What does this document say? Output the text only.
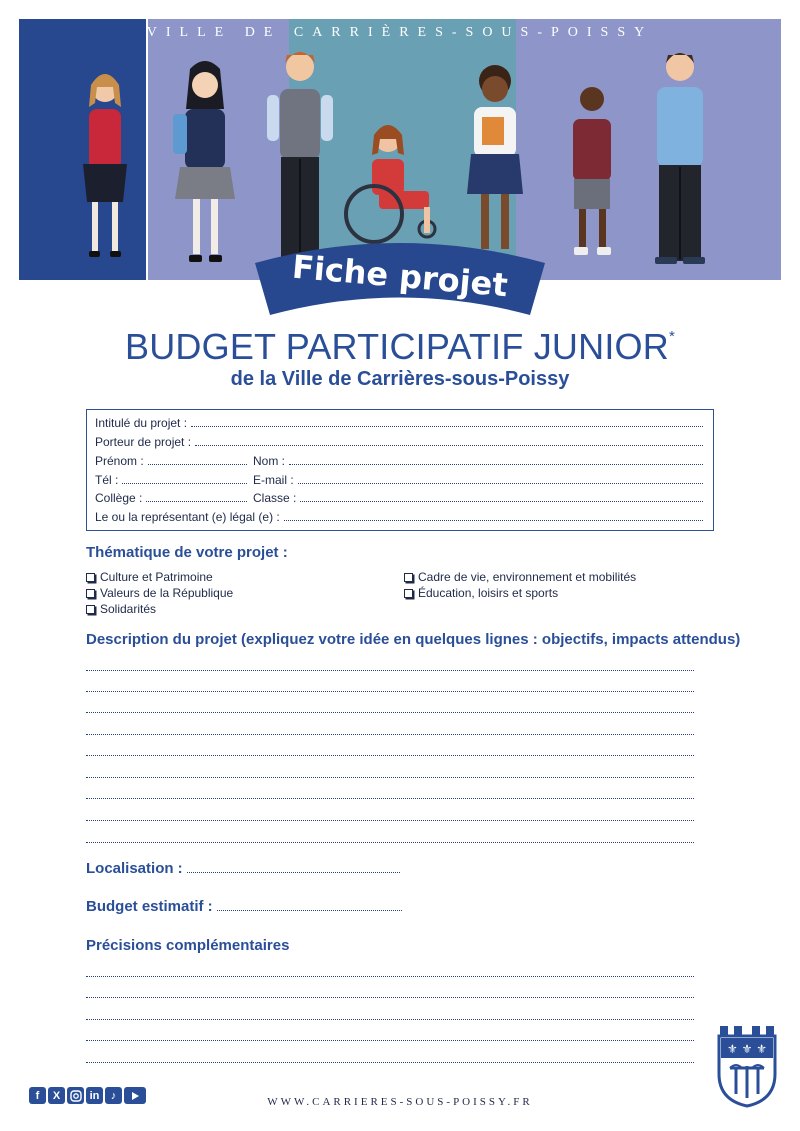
VILLE DE CARRIÈRES-SOUS-POISSY
Fiche projet
BUDGET PARTICIPATIF JUNIOR*
de la Ville de Carrières-sous-Poissy
Intitulé du projet :
Porteur de projet :
Prénom :	Nom :
Tél :	E-mail :
Collège :	Classe :
Le ou la représentant (e) légal (e) :
Thématique de votre projet :
Culture et Patrimoine
Valeurs de la République
Solidarités
Cadre de vie, environnement et mobilités
Éducation, loisirs et sports
Description du projet (expliquez votre idée en quelques lignes : objectifs, impacts attendus)
Localisation :
Budget estimatif :
Précisions complémentaires
f	X	in	♪
WWW.CARRIERES-SOUS-POISSY.FR
⚜ ⚜ ⚜
